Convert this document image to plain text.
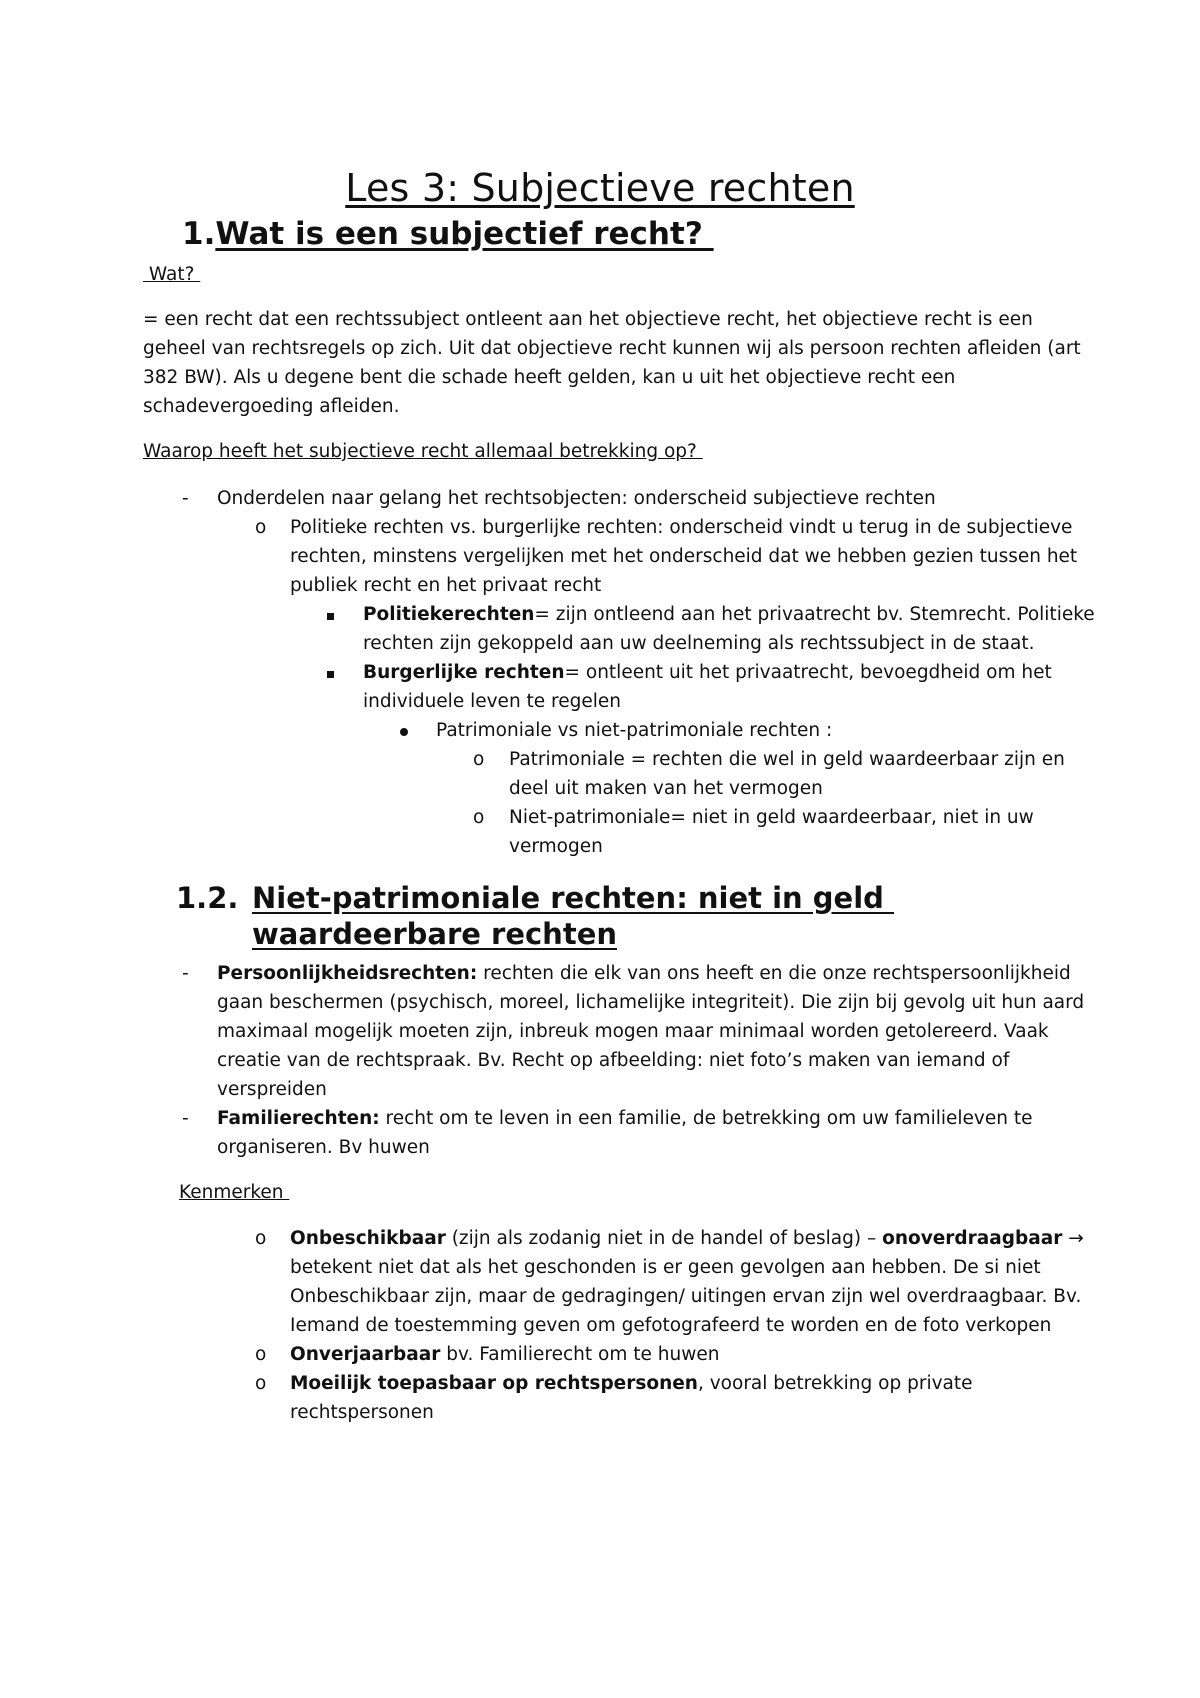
Les 3: Subjectieve rechten
1.Wat is een subjectief recht?

Wat?

= een recht dat een rechtssubject ontleent aan het objectieve recht, het objectieve recht is een

geheel van rechtsregels op zich. Uit dat objectieve recht kunnen wij als persoon rechten afleiden (art

382 BW). Als u degene bent die schade heeft gelden, kan u uit het objectieve recht een

schadevergoeding afleiden.

Waarop heeft het subjectieve recht allemaal betrekking op?

- Onderdelen naar gelang het rechtsobjecten: onderscheid subjectieve rechten

o Politieke rechten vs. burgerlijke rechten: onderscheid vindt u terug in de subjectieve

rechten, minstens vergelijken met het onderscheid dat we hebben gezien tussen het

publiek recht en het privaat recht

Politiekerechten= zijn ontleend aan het privaatrecht bv. Stemrecht. Politieke

rechten zijn gekoppeld aan uw deelneming als rechtssubject in de staat.

Burgerlijke rechten= ontleent uit het privaatrecht, bevoegdheid om het

individuele leven te regelen

Patrimoniale vs niet-patrimoniale rechten :

o Patrimoniale = rechten die wel in geld waardeerbaar zijn en

deel uit maken van het vermogen

o Niet-patrimoniale= niet in geld waardeerbaar, niet in uw

vermogen

1.2. Niet-patrimoniale rechten: niet in geld
waardeerbare rechten
- Persoonlijkheidsrechten: rechten die elk van ons heeft en die onze rechtspersoonlijkheid

gaan beschermen (psychisch, moreel, lichamelijke integriteit). Die zijn bij gevolg uit hun aard

maximaal mogelijk moeten zijn, inbreuk mogen maar minimaal worden getolereerd. Vaak

creatie van de rechtspraak. Bv. Recht op afbeelding: niet foto’s maken van iemand of

verspreiden

- Familierechten: recht om te leven in een familie, de betrekking om uw familieleven te

organiseren. Bv huwen

Kenmerken

o Onbeschikbaar (zijn als zodanig niet in de handel of beslag) – onoverdraagbaar →

betekent niet dat als het geschonden is er geen gevolgen aan hebben. De si niet

Onbeschikbaar zijn, maar de gedragingen/ uitingen ervan zijn wel overdraagbaar. Bv.

Iemand de toestemming geven om gefotografeerd te worden en de foto verkopen

o Onverjaarbaar bv. Familierecht om te huwen

o Moeilijk toepasbaar op rechtspersonen, vooral betrekking op private

rechtspersonen
